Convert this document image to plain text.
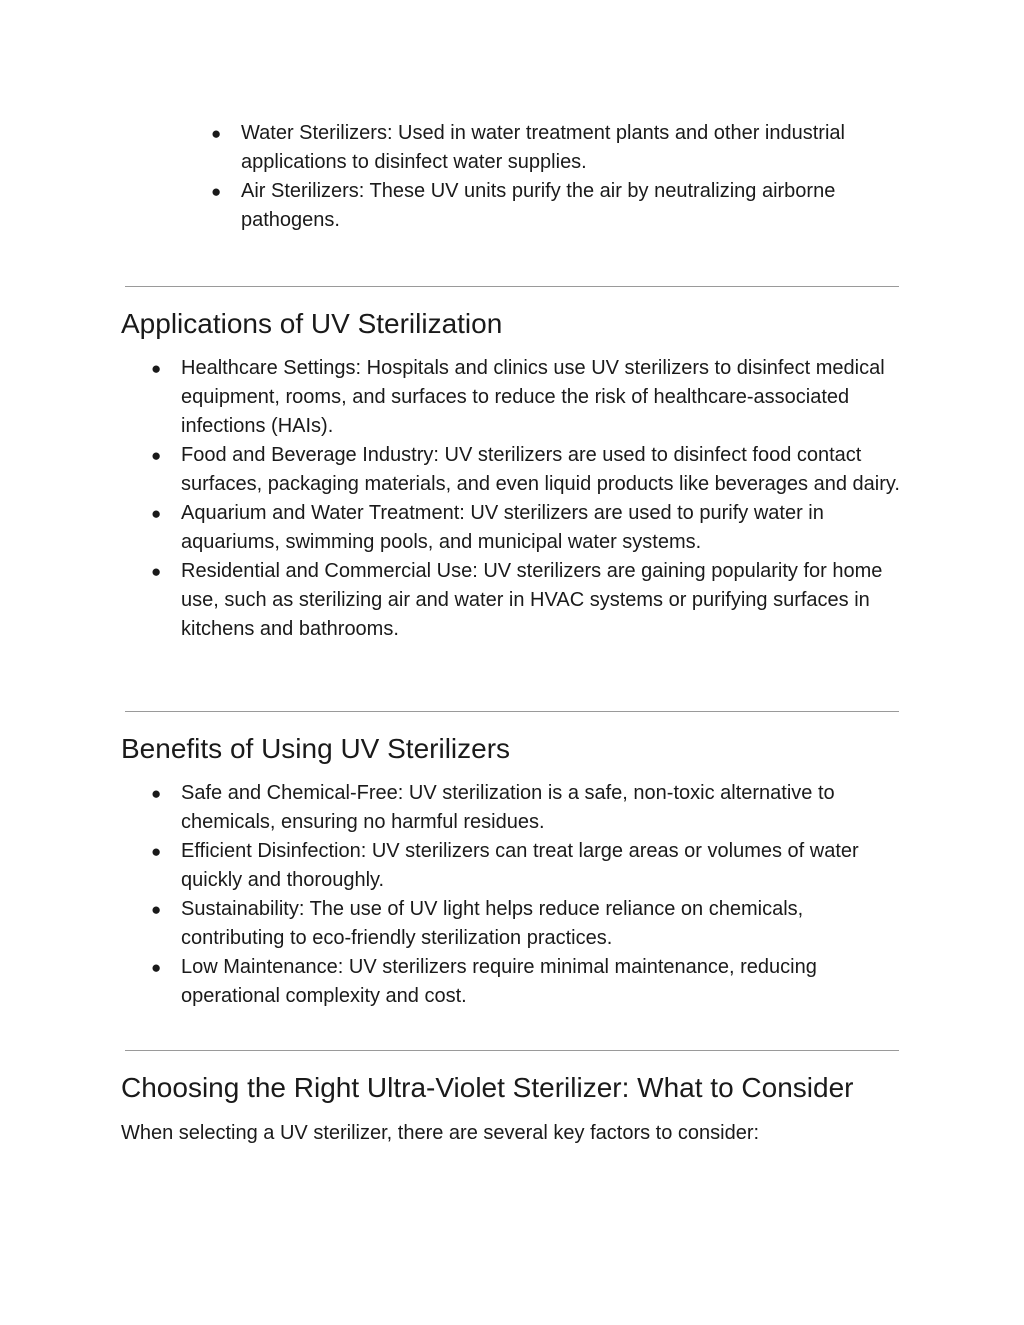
● Water Sterilizers: Used in water treatment plants and other industrial applications to disinfect water supplies.
● Air Sterilizers: These UV units purify the air by neutralizing airborne pathogens.
Applications of UV Sterilization
● Healthcare Settings: Hospitals and clinics use UV sterilizers to disinfect medical equipment, rooms, and surfaces to reduce the risk of healthcare-associated infections (HAIs).
● Food and Beverage Industry: UV sterilizers are used to disinfect food contact surfaces, packaging materials, and even liquid products like beverages and dairy.
● Aquarium and Water Treatment: UV sterilizers are used to purify water in aquariums, swimming pools, and municipal water systems.
● Residential and Commercial Use: UV sterilizers are gaining popularity for home use, such as sterilizing air and water in HVAC systems or purifying surfaces in kitchens and bathrooms.
Benefits of Using UV Sterilizers
● Safe and Chemical-Free: UV sterilization is a safe, non-toxic alternative to chemicals, ensuring no harmful residues.
● Efficient Disinfection: UV sterilizers can treat large areas or volumes of water quickly and thoroughly.
● Sustainability: The use of UV light helps reduce reliance on chemicals, contributing to eco-friendly sterilization practices.
● Low Maintenance: UV sterilizers require minimal maintenance, reducing operational complexity and cost.
Choosing the Right Ultra-Violet Sterilizer: What to Consider

When selecting a UV sterilizer, there are several key factors to consider:
